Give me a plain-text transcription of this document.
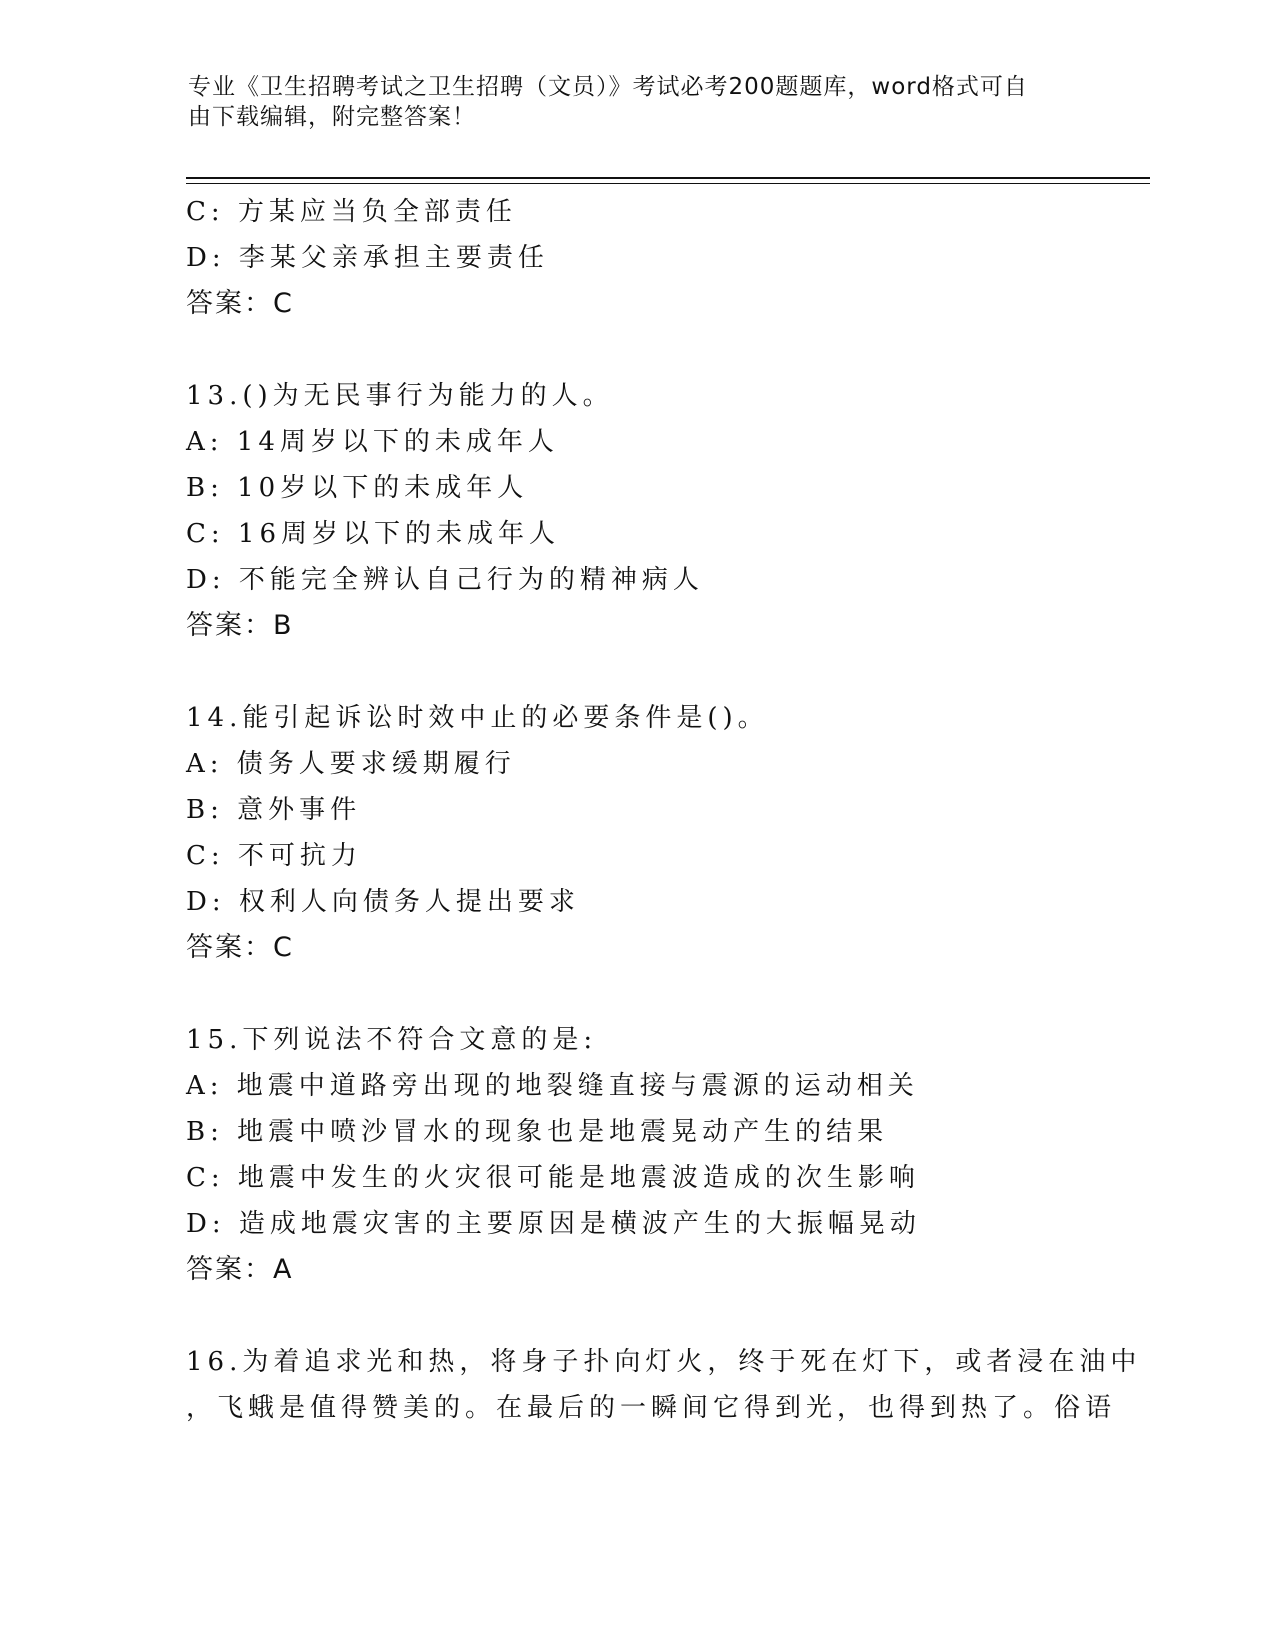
专业《卫生招聘考试之卫生招聘（文员）》考试必考200题题库，word格式可自
由下载编辑，附完整答案！
C: 方某应当负全部责任
D: 李某父亲承担主要责任
答案：C
13.()为无民事行为能力的人。
A: 14周岁以下的未成年人
B: 10岁以下的未成年人
C: 16周岁以下的未成年人
D: 不能完全辨认自己行为的精神病人
答案：B
14.能引起诉讼时效中止的必要条件是()。
A: 债务人要求缓期履行
B: 意外事件
C: 不可抗力
D: 权利人向债务人提出要求
答案：C
15.下列说法不符合文意的是:
A: 地震中道路旁出现的地裂缝直接与震源的运动相关
B: 地震中喷沙冒水的现象也是地震晃动产生的结果
C: 地震中发生的火灾很可能是地震波造成的次生影响
D: 造成地震灾害的主要原因是横波产生的大振幅晃动
答案：A
16.为着追求光和热，将身子扑向灯火，终于死在灯下，或者浸在油中
，飞蛾是值得赞美的。在最后的一瞬间它得到光，也得到热了。俗语
